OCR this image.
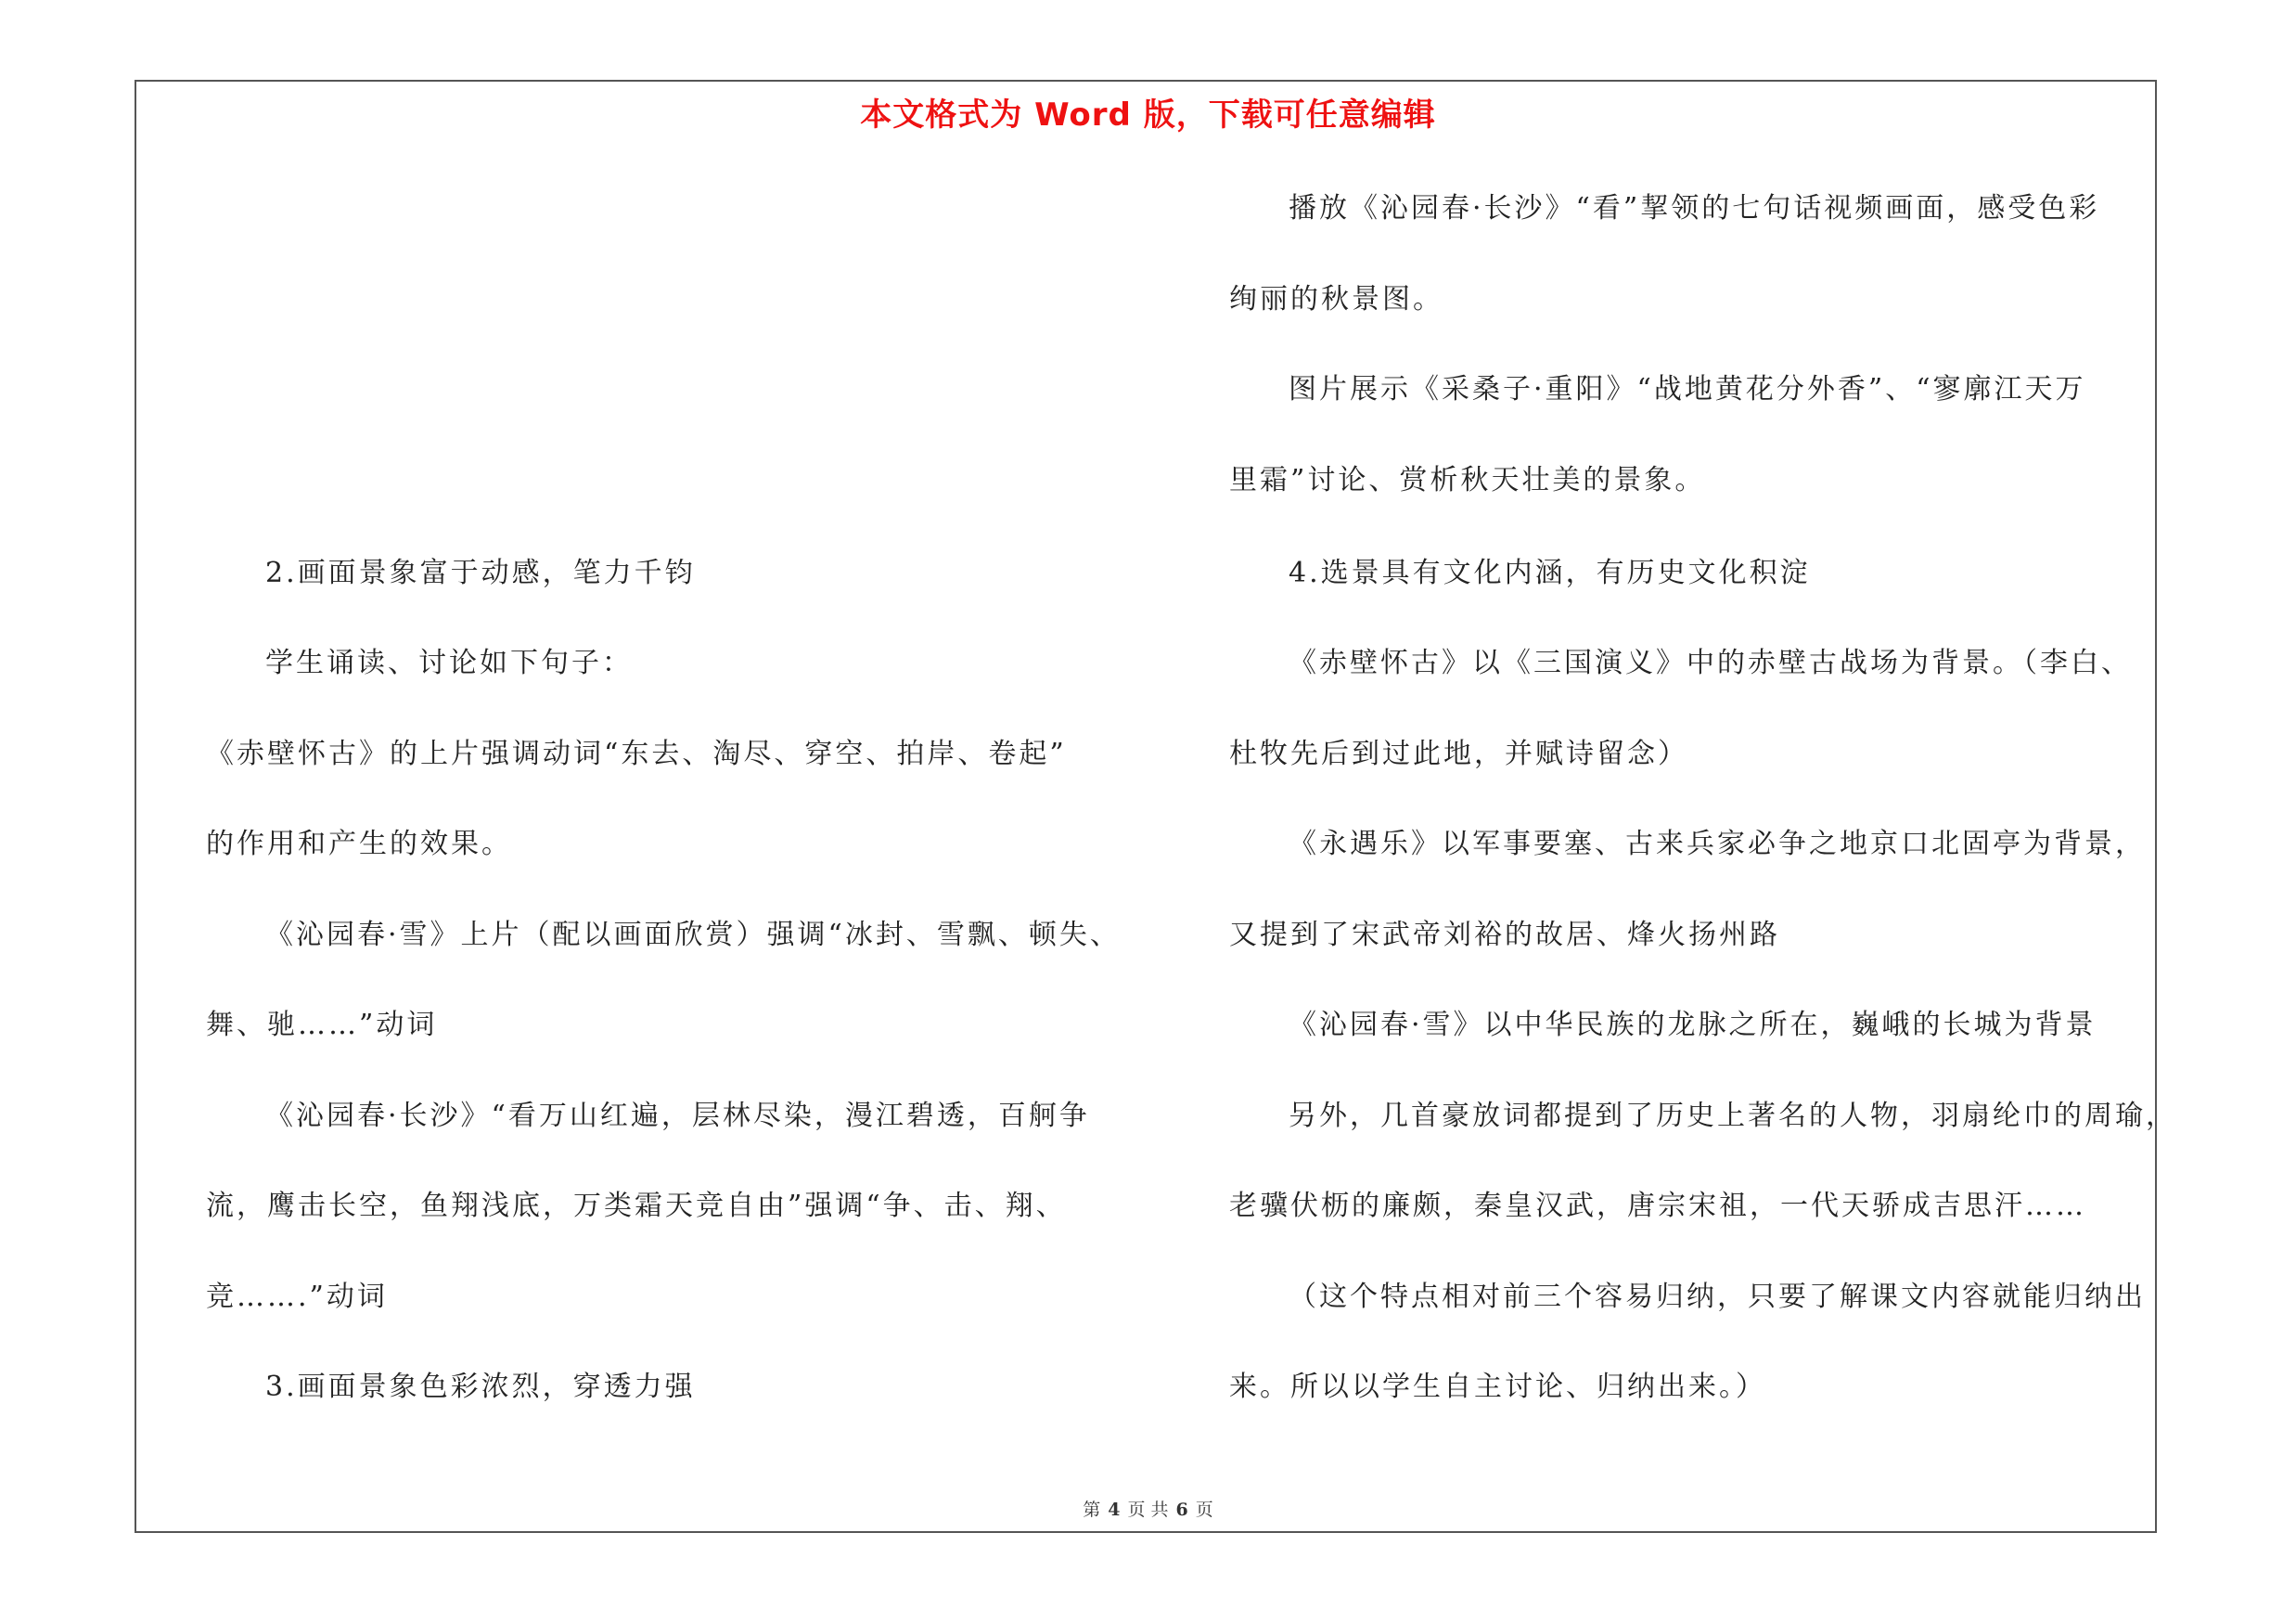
本文格式为 Word 版，下载可任意编辑
2.画面景象富于动感，笔力千钧
学生诵读、讨论如下句子：
《赤壁怀古》的上片强调动词“东去、淘尽、穿空、拍岸、卷起”
的作用和产生的效果。
《沁园春·雪》上片（配以画面欣赏）强调“冰封、雪飘、顿失、
舞、驰……”动词
《沁园春·长沙》“看万山红遍，层林尽染，漫江碧透，百舸争
流，鹰击长空，鱼翔浅底，万类霜天竞自由”强调“争、击、翔、
竞…….”动词
3.画面景象色彩浓烈，穿透力强
播放《沁园春·长沙》“看”挈领的七句话视频画面，感受色彩
绚丽的秋景图。
图片展示《采桑子·重阳》“战地黄花分外香”、“寥廓江天万
里霜”讨论、赏析秋天壮美的景象。
4.选景具有文化内涵，有历史文化积淀
《赤壁怀古》以《三国演义》中的赤壁古战场为背景。（李白、
杜牧先后到过此地，并赋诗留念）
《永遇乐》以军事要塞、古来兵家必争之地京口北固亭为背景，
又提到了宋武帝刘裕的故居、烽火扬州路
《沁园春·雪》以中华民族的龙脉之所在，巍峨的长城为背景
另外，几首豪放词都提到了历史上著名的人物，羽扇纶巾的周瑜，
老骥伏枥的廉颇，秦皇汉武，唐宗宋祖，一代天骄成吉思汗……
（这个特点相对前三个容易归纳，只要了解课文内容就能归纳出
来。所以以学生自主讨论、归纳出来。）
第 4 页 共 6 页
